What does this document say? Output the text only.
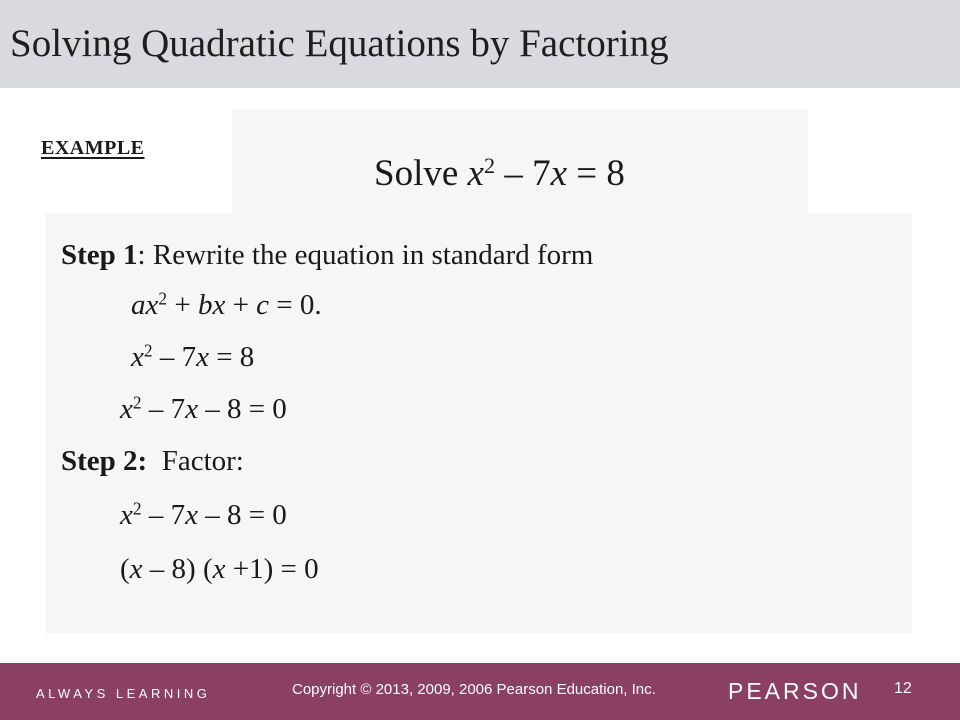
Solving Quadratic Equations by Factoring
EXAMPLE
Solve $x^2 - 7x = 8$
Step 1: Rewrite the equation in standard form
$ax^2$ + bx + c = 0.
$x^2 - 7x = 8$
$x^2 - 7x - 8 = 0$
Step 2:  Factor:
$x^2 - 7x - 8 = 0$
(x – 8) (x +1) = 0
ALWAYS LEARNING	Copyright © 2013, 2009, 2006 Pearson Education, Inc.	PEARSON 12
